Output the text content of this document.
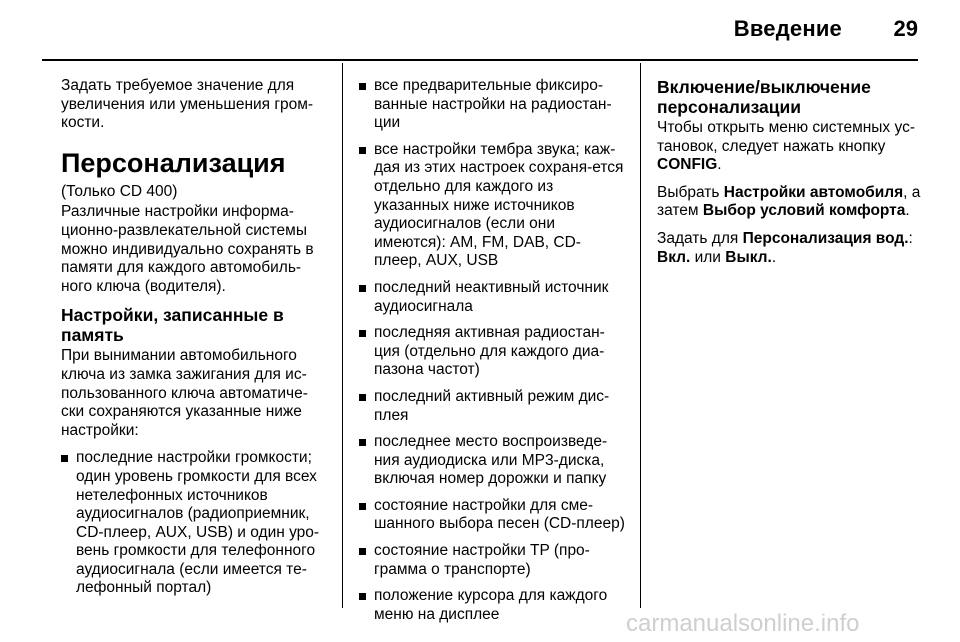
Введение 29

Задать требуемое значение для увеличения или уменьшения гром-кости.

Персонализация

(Только CD 400)

Различные настройки информа-ционно-развлекательной системы можно индивидуально сохранять в памяти для каждого автомобиль-ного ключа (водителя).

Настройки, записанные в память

При вынимании автомобильного ключа из замка зажигания для ис-пользованного ключа автоматиче-ски сохраняются указанные ниже настройки:

последние настройки громкости; один уровень громкости для всех нетелефонных источников аудиосигналов (радиоприемник, CD-плеер, AUX, USB) и один уро-вень громкости для телефонного аудиосигнала (если имеется те-лефонный портал)
все предварительные фиксиро-ванные настройки на радиостан-ции
все настройки тембра звука; каж-дая из этих настроек сохраня-ется отдельно для каждого из указанных ниже источников аудиосигналов (если они имеются): AM, FM, DAB, CD-плеер, AUX, USB
последний неактивный источник аудиосигнала
последняя активная радиостан-ция (отдельно для каждого диа-пазона частот)
последний активный режим дис-плея
последнее место воспроизведе-ния аудиодиска или MP3-диска, включая номер дорожки и папку
состояние настройки для сме-шанного выбора песен (CD-плеер)
состояние настройки TP (про-грамма о транспорте)
положение курсора для каждого меню на дисплее
Включение/выключение персонализации

Чтобы открыть меню системных ус-тановок, следует нажать кнопку CONFIG.

Выбрать Настройки автомобиля, а затем Выбор условий комфорта.

Задать для Персонализация вод.: Вкл. или Выкл..

carmanualsonline.info
